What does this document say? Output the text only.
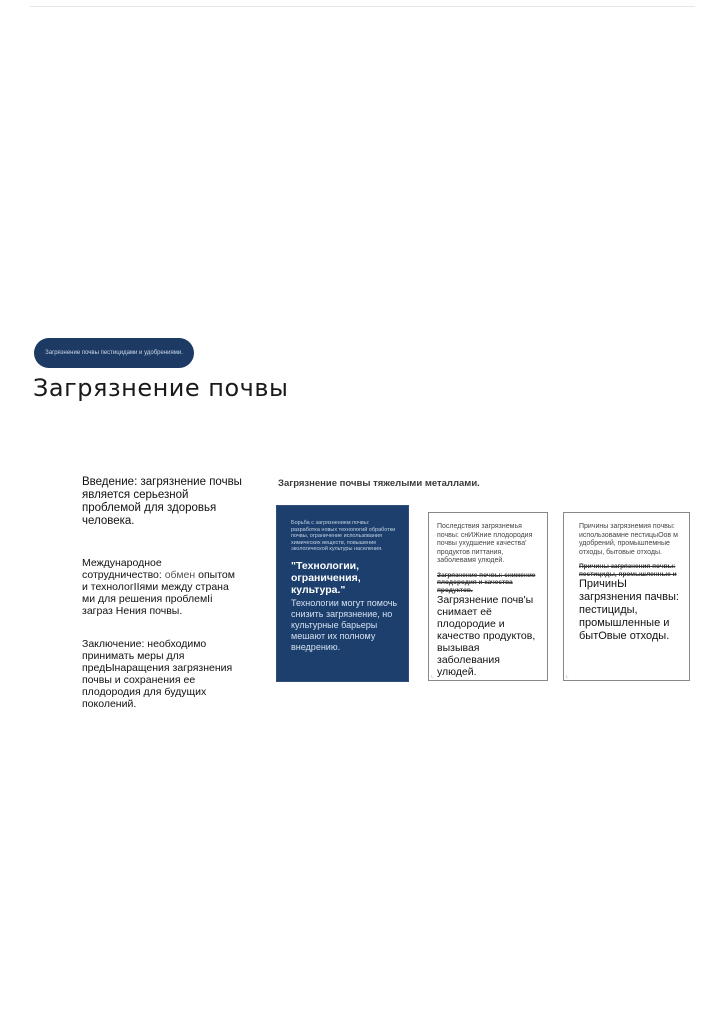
Загрязнение почвы пестицидами и удобрениями.
Загрязнение почвы
Введение: загрязнение почвы является серьезной проблемой для здоровья человека.
Международное сотрудничество: обмен опытом и технологIIями между страна ми для решения проблемIi заграз Нения почвы.
Заключение: необходимо принимать меры для предЫнаращения загрязнения почвы и сохранения ее плодородия для будущих поколений.
Загрязнение почвы тяжелыми металлами.
Борьба с загрязнением почвы: разработка новых технологий обработки почвы, ограничение использования химических веществ, повышение экологической культуры населения.
"Технологии, ограничения, культура."
Технологии могут помочь снизить загрязнение, но культурные барьеры мешают их полному внедрению.
Последствия загрязнемья почвы: снИЖние плодородия почвы ухудшение качества' продуктов питтания, заболевамя улюдей.
Загрязнение почвы: снижение плодородия и качества продуктов.
Загрязнение почв'ы снимает её плодородие и качество продуктов, вызывая заболевания улюдей.
⌞
Причины загрязнемия почвы: использовамне пестицыОов м удобрений, промышпемные отходы, бытовые отходы.
Причины загрязнения почвы: пестициды, промышленные и
ПричинЫ загрязнения пачвы: пестициды, промышленные и бытОвые отходы.
⌞
